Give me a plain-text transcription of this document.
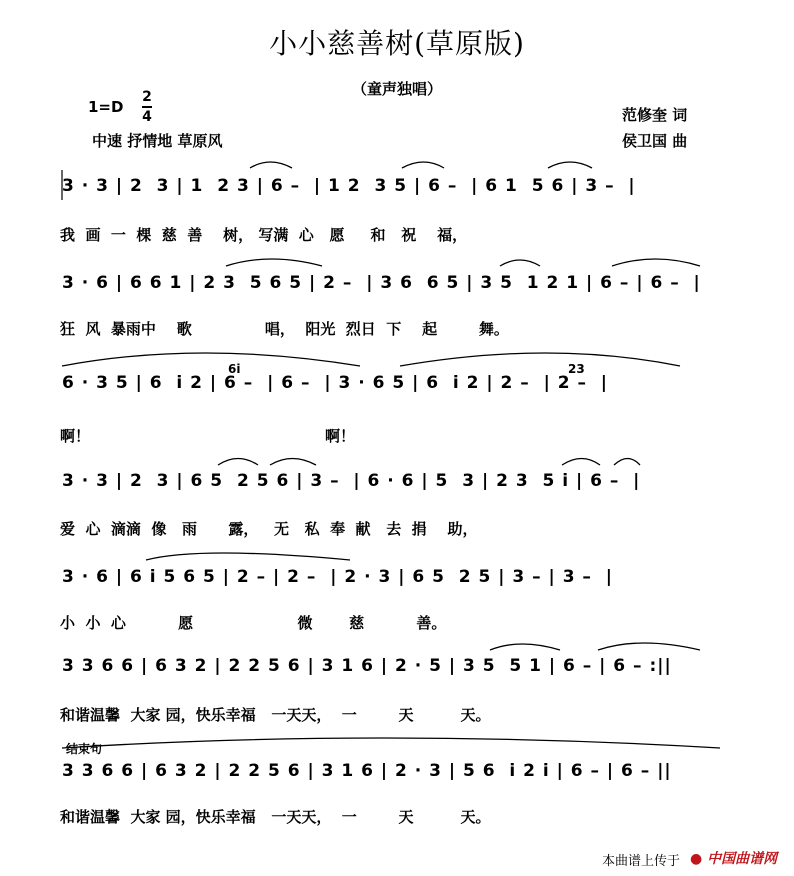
小小慈善树(草原版)
（童声独唱）
1=D
2
4
中速 抒情地 草原风
范修奎 词
侯卫国 曲
3 · 3 | 2  3 | 1  2 3 | 6 –  | 1 2  3 5 | 6 –  | 6 1  5 6 | 3 –  |
我  画  一  棵  慈  善    树， 写满  心   愿     和   祝    福，
3 · 6 | 6 6 1 | 2 3  5 6 5 | 2 –  | 3 6  6 5 | 3 5  1 2 1 | 6 – | 6 –  |
狂  风  暴雨中    歌              唱，  阳光  烈日  下    起        舞。
6 · 3 5 | 6  i 2 | 6 –  | 6 –  | 3 · 6 5 | 6  i 2 | 2 –  | 2 –  |
啊！                                             啊！
3 · 3 | 2  3 | 6 5  2 5 6 | 3 –  | 6 · 6 | 5  3 | 2 3  5 i | 6 –  |
爱  心  滴滴  像   雨      露，   无   私  奉  献   去  捐    助，
3 · 6 | 6 i 5 6 5 | 2 – | 2 –  | 2 · 3 | 6 5  2 5 | 3 – | 3 –  |
小  小  心          愿                    微       慈          善。
3 3 6 6 | 6 3 2 | 2 2 5 6 | 3 1 6 | 2 · 5 | 3 5  5 1 | 6 – | 6 – :||
和谐温馨  大家 园，快乐幸福   一天天，  一        天         天。
结束句
3 3 6 6 | 6 3 2 | 2 2 5 6 | 3 1 6 | 2 · 3 | 5 6  i 2 i | 6 – | 6 – ||
和谐温馨  大家 园，快乐幸福   一天天，  一        天         天。
6i	23
本曲谱上传于 ● 中国曲谱网
